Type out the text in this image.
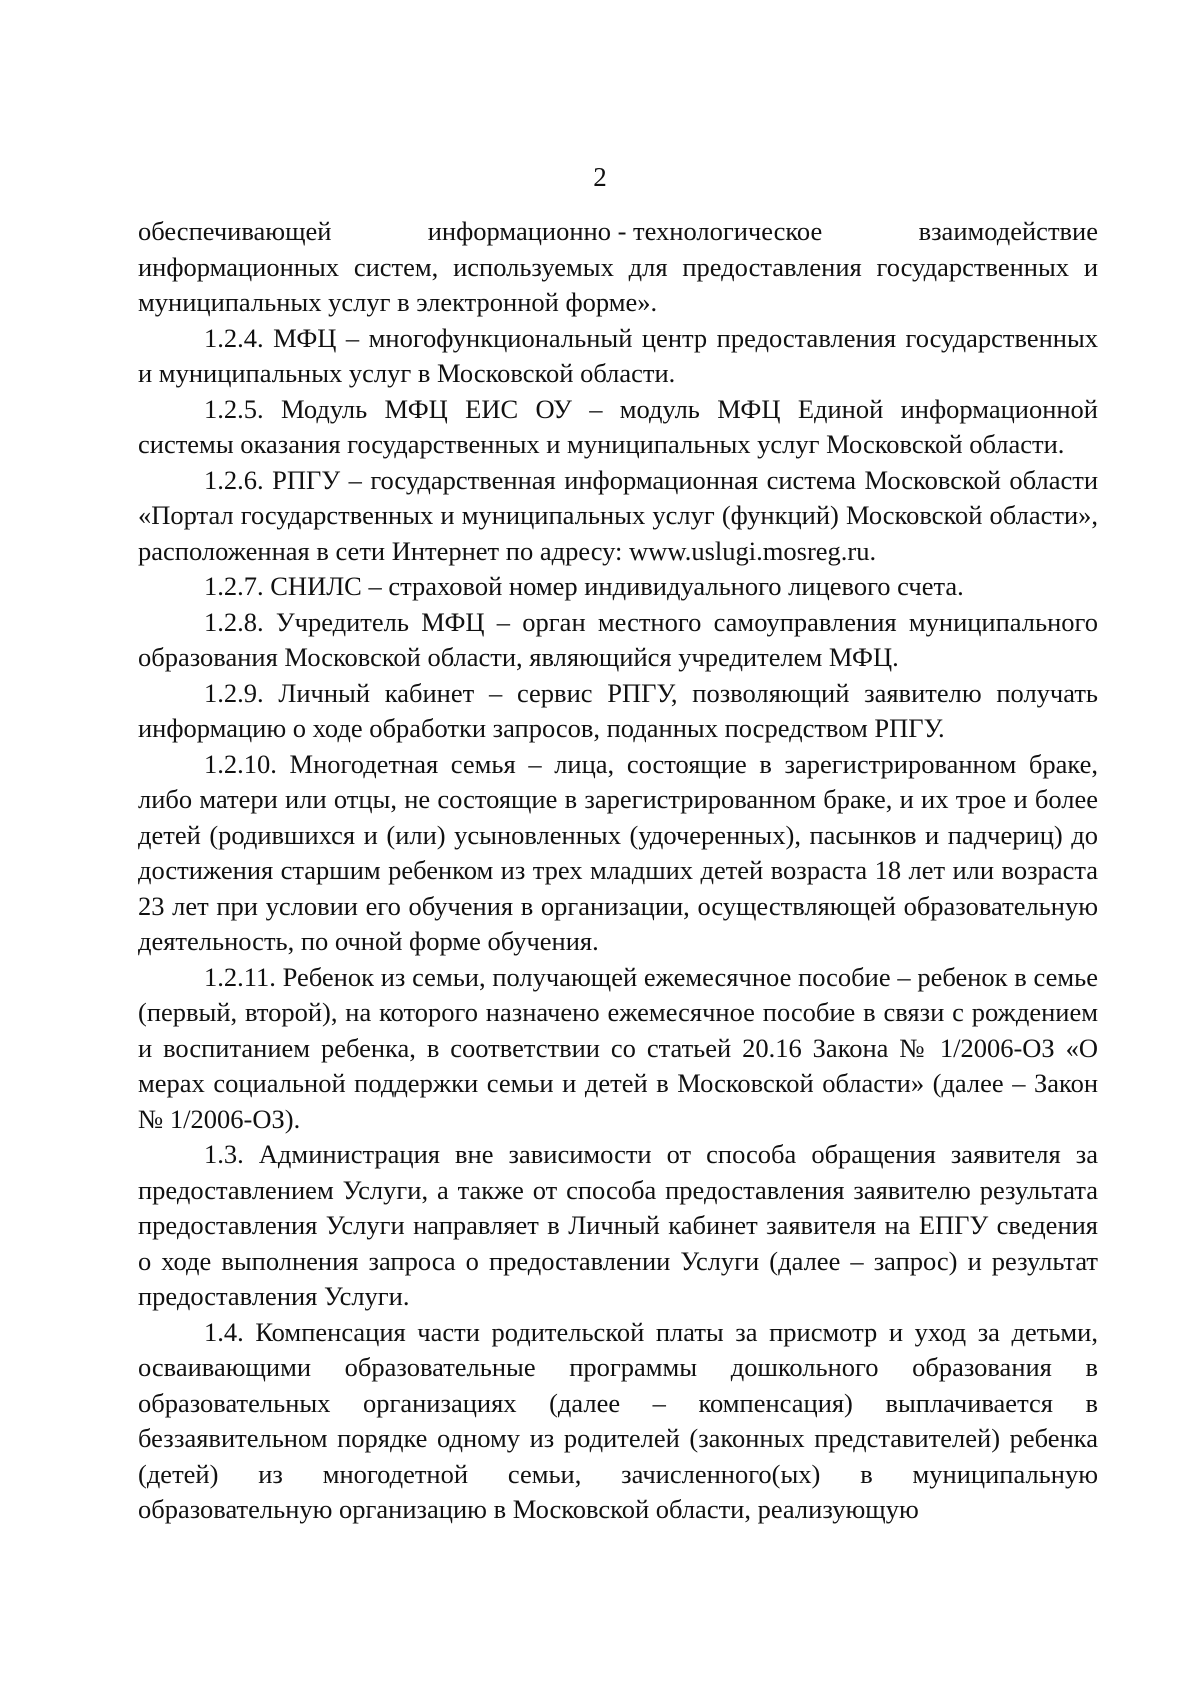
2
обеспечивающей	информационно - технологическое	взаимодействие

информационных систем, используемых для предоставления государственных и муниципальных услуг в электронной форме».

1.2.4. МФЦ – многофункциональный центр предоставления государственных и муниципальных услуг в Московской области.

1.2.5. Модуль МФЦ ЕИС ОУ – модуль МФЦ Единой информационной системы оказания государственных и муниципальных услуг Московской области.

1.2.6. РПГУ – государственная информационная система Московской области «Портал государственных и муниципальных услуг (функций) Московской области», расположенная в сети Интернет по адресу: www.uslugi.mosreg.ru.

1.2.7. СНИЛС – страховой номер индивидуального лицевого счета.

1.2.8. Учредитель МФЦ – орган местного самоуправления муниципального образования Московской области, являющийся учредителем МФЦ.

1.2.9. Личный кабинет – сервис РПГУ, позволяющий заявителю получать информацию о ходе обработки запросов, поданных посредством РПГУ.

1.2.10. Многодетная семья – лица, состоящие в зарегистрированном браке, либо матери или отцы, не состоящие в зарегистрированном браке, и их трое и более детей (родившихся и (или) усыновленных (удочеренных), пасынков и падчериц) до достижения старшим ребенком из трех младших детей возраста 18 лет или возраста 23 лет при условии его обучения в организации, осуществляющей образовательную деятельность, по очной форме обучения.

1.2.11. Ребенок из семьи, получающей ежемесячное пособие – ребенок в семье (первый, второй), на которого назначено ежемесячное пособие в связи с рождением и воспитанием ребенка, в соответствии со статьей 20.16 Закона № 1/2006-ОЗ «О мерах социальной поддержки семьи и детей в Московской области» (далее – Закон № 1/2006-ОЗ).

1.3. Администрация вне зависимости от способа обращения заявителя за предоставлением Услуги, а также от способа предоставления заявителю результата предоставления Услуги направляет в Личный кабинет заявителя на ЕПГУ сведения о ходе выполнения запроса о предоставлении Услуги (далее – запрос) и результат предоставления Услуги.

1.4. Компенсация части родительской платы за присмотр и уход за детьми, осваивающими образовательные программы дошкольного образования в образовательных организациях (далее – компенсация) выплачивается в беззаявительном порядке одному из родителей (законных представителей) ребенка (детей) из многодетной семьи, зачисленного(ых) в муниципальную образовательную организацию в Московской области, реализующую
